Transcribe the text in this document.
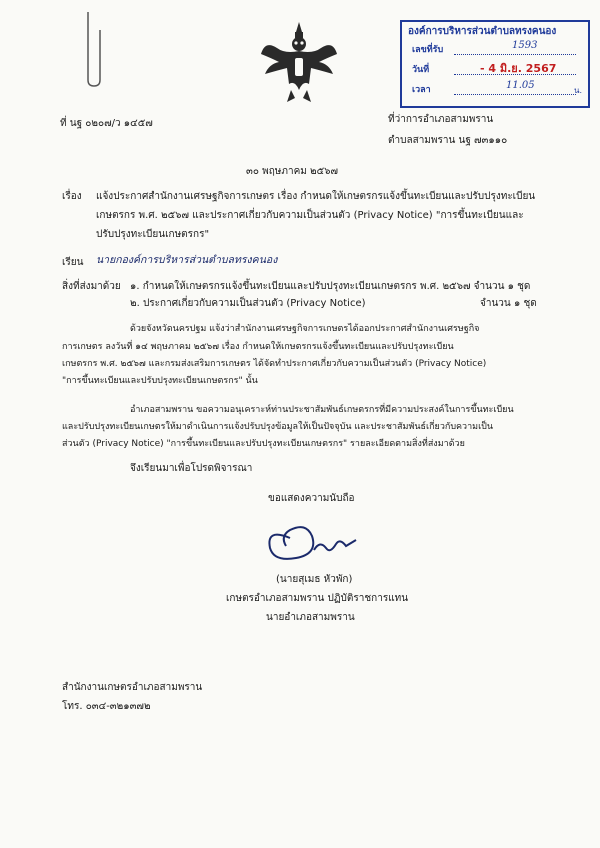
องค์การบริหารส่วนตำบลทรงคนอง
เลขที่รับ	1593
วันที่	- 4 มิ.ย. 2567
เวลา	11.05	น.
ที่ นฐ ๐๒๐๗/ว ๑๔๕๗	ที่ว่าการอำเภอสามพราน
ตำบลสามพราน นฐ ๗๓๑๑๐
๓๐ พฤษภาคม ๒๕๖๗
เรื่อง แจ้งประกาศสำนักงานเศรษฐกิจการเกษตร เรื่อง กำหนดให้เกษตรกรแจ้งขึ้นทะเบียนและปรับปรุงทะเบียน
เกษตรกร พ.ศ. ๒๕๖๗ และประกาศเกี่ยวกับความเป็นส่วนตัว (Privacy Notice) "การขึ้นทะเบียนและ
ปรับปรุงทะเบียนเกษตรกร"
เรียน นายกองค์การบริหารส่วนตำบลทรงคนอง
สิ่งที่ส่งมาด้วย ๑. กำหนดให้เกษตรกรแจ้งขึ้นทะเบียนและปรับปรุงทะเบียนเกษตรกร พ.ศ. ๒๕๖๗ จำนวน ๑ ชุด
๒. ประกาศเกี่ยวกับความเป็นส่วนตัว (Privacy Notice)	จำนวน ๑ ชุด
ด้วยจังหวัดนครปฐม แจ้งว่าสำนักงานเศรษฐกิจการเกษตรได้ออกประกาศสำนักงานเศรษฐกิจ
การเกษตร ลงวันที่ ๑๔ พฤษภาคม ๒๕๖๗ เรื่อง กำหนดให้เกษตรกรแจ้งขึ้นทะเบียนและปรับปรุงทะเบียน
เกษตรกร พ.ศ. ๒๕๖๗ และกรมส่งเสริมการเกษตร ได้จัดทำประกาศเกี่ยวกับความเป็นส่วนตัว (Privacy Notice)
"การขึ้นทะเบียนและปรับปรุงทะเบียนเกษตรกร" นั้น
อำเภอสามพราน ขอความอนุเคราะห์ท่านประชาสัมพันธ์เกษตรกรที่มีความประสงค์ในการขึ้นทะเบียน
และปรับปรุงทะเบียนเกษตรให้มาดำเนินการแจ้งปรับปรุงข้อมูลให้เป็นปัจจุบัน และประชาสัมพันธ์เกี่ยวกับความเป็น
ส่วนตัว (Privacy Notice) "การขึ้นทะเบียนและปรับปรุงทะเบียนเกษตรกร" รายละเอียดตามสิ่งที่ส่งมาด้วย
จึงเรียนมาเพื่อโปรดพิจารณา
ขอแสดงความนับถือ
(นายสุเมธ หัวพัก)
เกษตรอำเภอสามพราน ปฏิบัติราชการแทน
นายอำเภอสามพราน
สำนักงานเกษตรอำเภอสามพราน
โทร. ๐๓๔-๓๒๑๓๗๒
